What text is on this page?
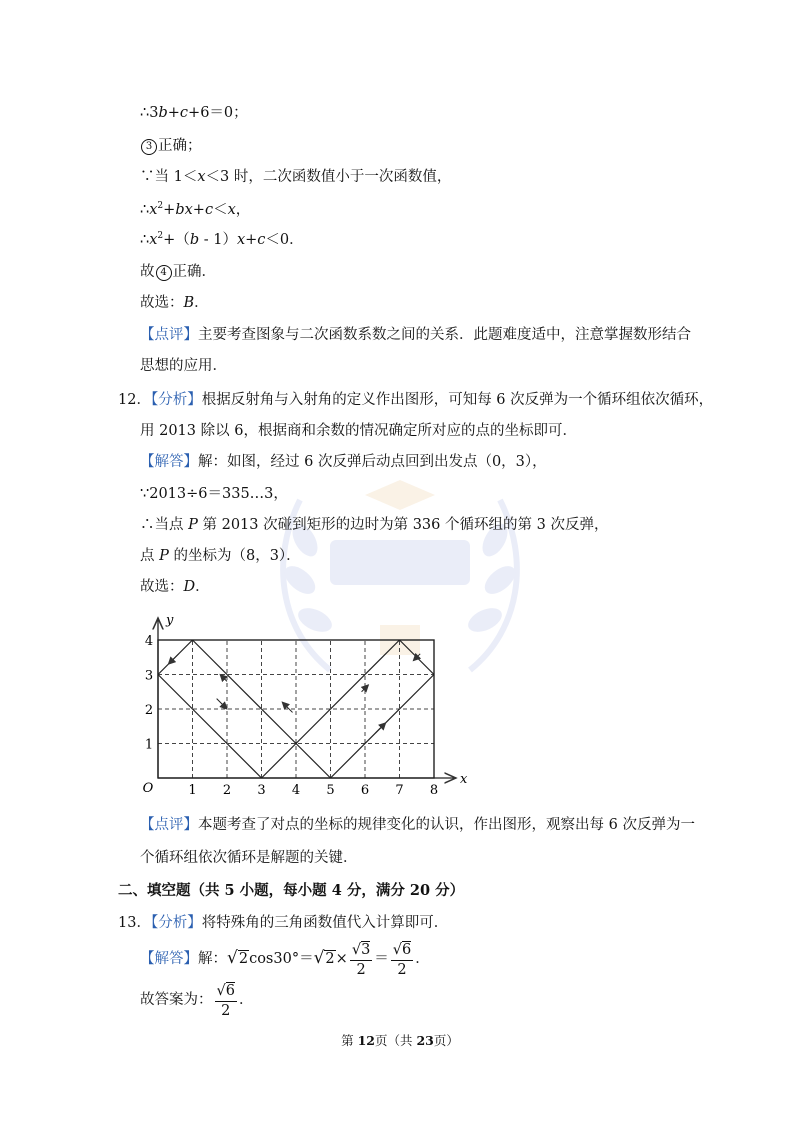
∴3b+c+6＝0；
3 正确；
∵当 1＜x＜3 时，二次函数值小于一次函数值，
$\therefore x^2+bx+c<x$，
$\therefore x^2+(b - 1)x+c<0$．
故 4 正确．
故选：B．
【点评】主要考查图象与二次函数系数之间的关系．此题难度适中，注意掌握数形结合
思想的应用．
12．【分析】根据反射角与入射角的定义作出图形，可知每 6 次反弹为一个循环组依次循环，
用 2013 除以 6，根据商和余数的情况确定所对应的点的坐标即可．
【解答】解：如图，经过 6 次反弹后动点回到出发点（0，3），
∵2013÷6＝335…3，
∴当点 P 第 2013 次碰到矩形的边时为第 336 个循环组的第 3 次反弹，
点 P 的坐标为（8，3）．
故选：D．
1 2 3 4 5 6 7 8
1
2
3
4
O
x
y
【点评】本题考查了对点的坐标的规律变化的认识，作出图形，观察出每 6 次反弹为一
个循环组依次循环是解题的关键．
二、填空题（共 5 小题，每小题 4 分，满分 20 分）
13．【分析】将特殊角的三角函数值代入计算即可．
【解答】解：$√2\cos 30^\circ=√2\times \frac{√3}{2} = \frac{√6}{2}$ ．
故答案为： $\frac{√6}{2}$ ．
第 12页（共 23页）
